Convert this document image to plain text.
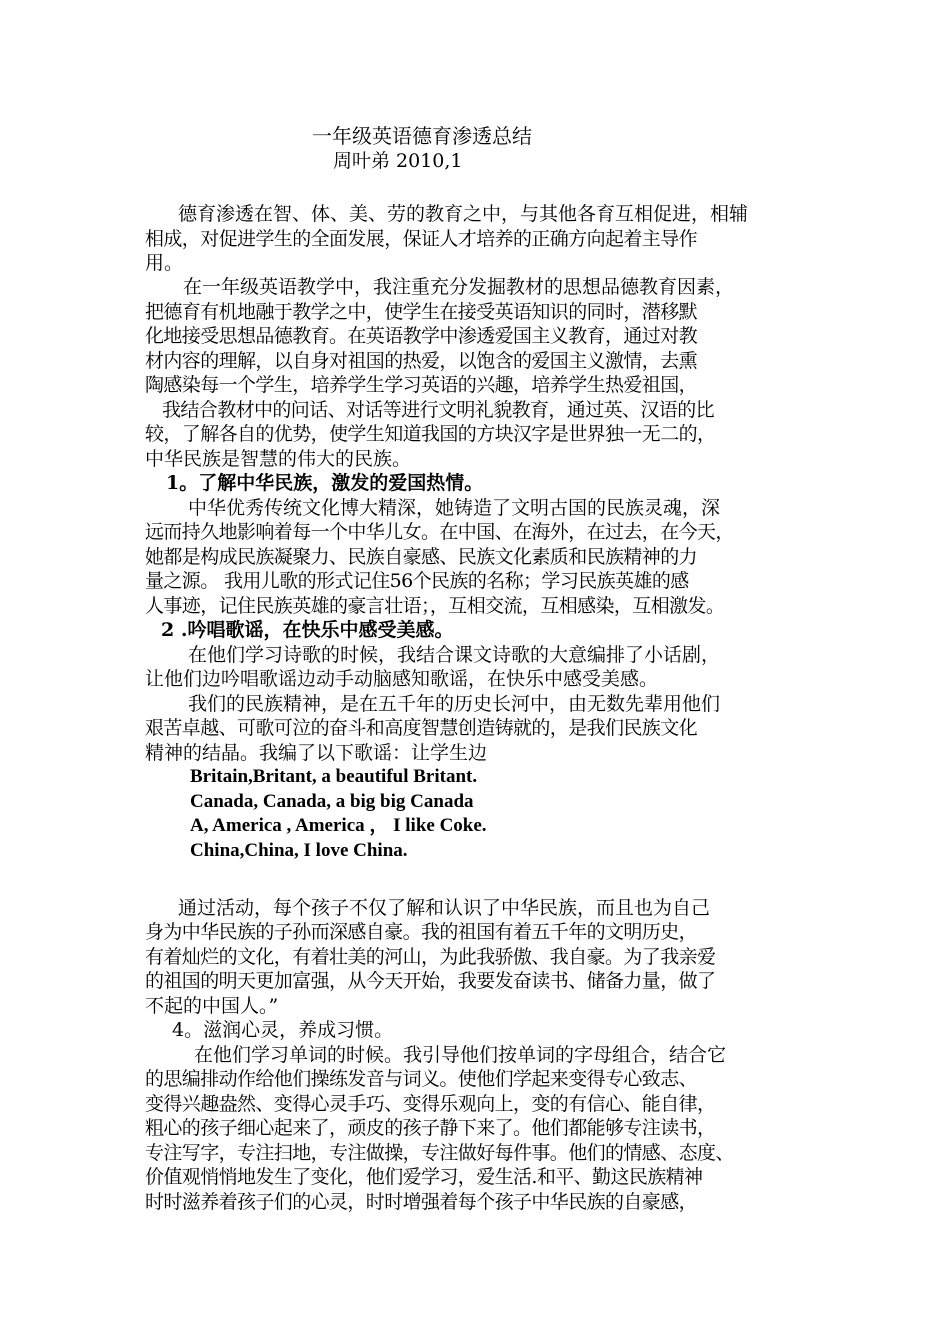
一年级英语德育渗透总结
周叶弟 2010,1
德育渗透在智、体、美、劳的教育之中，与其他各育互相促进，相辅
相成，对促进学生的全面发展，保证人才培养的正确方向起着主导作
用。
在一年级英语教学中，我注重充分发掘教材的思想品德教育因素，
把德育有机地融于教学之中，使学生在接受英语知识的同时，潜移默
化地接受思想品德教育。在英语教学中渗透爱国主义教育，通过对教
材内容的理解，以自身对祖国的热爱，以饱含的爱国主义激情，去熏
陶感染每一个学生，培养学生学习英语的兴趣，培养学生热爱祖国，
我结合教材中的问话、对话等进行文明礼貌教育，通过英、汉语的比
较，了解各自的优势，使学生知道我国的方块汉字是世界独一无二的，
中华民族是智慧的伟大的民族。
1。了解中华民族，激发的爱国热情。
中华优秀传统文化博大精深，她铸造了文明古国的民族灵魂，深
远而持久地影响着每一个中华儿女。在中国、在海外，在过去，在今天，
她都是构成民族凝聚力、民族自豪感、民族文化素质和民族精神的力
量之源。 我用儿歌的形式记住56个民族的名称；学习民族英雄的感
人事迹，记住民族英雄的豪言壮语；，互相交流，互相感染，互相激发。
2 .吟唱歌谣，在快乐中感受美感。
在他们学习诗歌的时候，我结合课文诗歌的大意编排了小话剧，
让他们边吟唱歌谣边动手动脑感知歌谣，在快乐中感受美感。
我们的民族精神，是在五千年的历史长河中，由无数先辈用他们
艰苦卓越、可歌可泣的奋斗和高度智慧创造铸就的，是我们民族文化
精神的结晶。我编了以下歌谣：让学生边
Britain,Britant, a beautiful Britant.
Canada, Canada, a big big Canada
A, America , America ， I like Coke.
China,China, I love China.
通过活动，每个孩子不仅了解和认识了中华民族，而且也为自己
身为中华民族的子孙而深感自豪。我的祖国有着五千年的文明历史，
有着灿烂的文化，有着壮美的河山，为此我骄傲、我自豪。为了我亲爱
的祖国的明天更加富强，从今天开始，我要发奋读书、储备力量，做了
不起的中国人。”
4。滋润心灵，养成习惯。
在他们学习单词的时候。我引导他们按单词的字母组合，结合它
的思编排动作给他们操练发音与词义。使他们学起来变得专心致志、
变得兴趣盎然、变得心灵手巧、变得乐观向上，变的有信心、能自律，
粗心的孩子细心起来了，顽皮的孩子静下来了。他们都能够专注读书，
专注写字，专注扫地，专注做操，专注做好每件事。他们的情感、态度、
价值观悄悄地发生了变化，他们爱学习，爱生活.和平、勤这民族精神
时时滋养着孩子们的心灵，时时增强着每个孩子中华民族的自豪感，
